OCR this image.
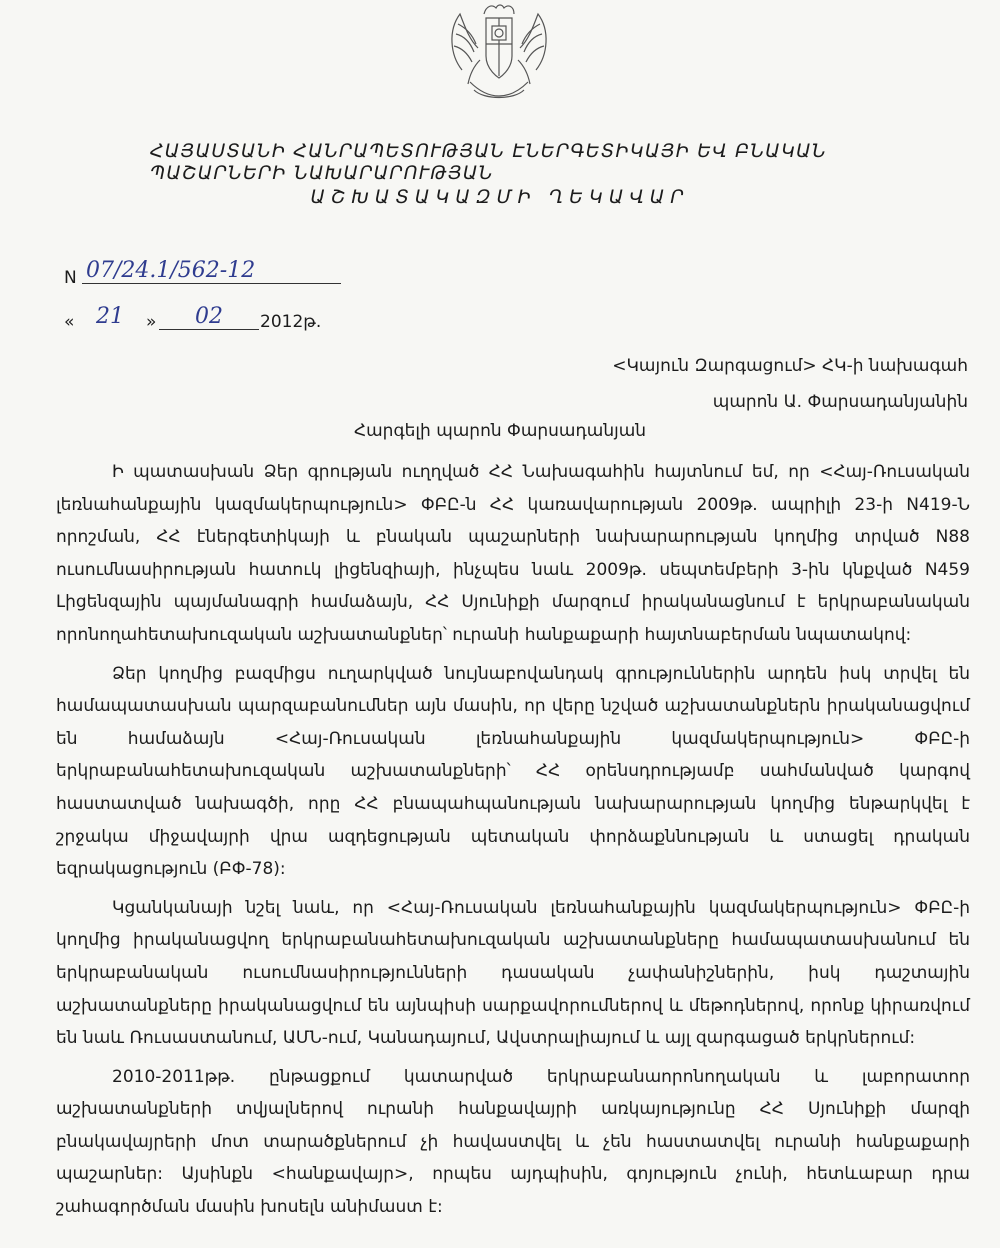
ՀԱՅԱՍՏԱՆԻ ՀԱՆՐԱՊԵՏՈՒԹՅԱՆ ԷՆԵՐԳԵՏԻԿԱՅԻ ԵՎ ԲՆԱԿԱՆ ՊԱՇԱՐՆԵՐԻ ՆԱԽԱՐԱՐՈՒԹՅԱՆ
ԱՇԽԱՏԱԿԱԶՄԻ ՂԵԿԱՎԱՐ
N 07/24.1/562-12
« 21 »	02	2012թ.
<Կայուն Զարգացում> ՀԿ-ի նախագահ
պարոն Ա. Փարսադանյանին
Հարգելի պարոն Փարսադանյան

Ի պատասխան Ձեր գրության ուղղված ՀՀ Նախագահին հայտնում եմ, որ <Հայ-Ռուսական լեռնահանքային կազմակերպություն> ՓԲԸ-ն ՀՀ կառավարության 2009թ. ապրիլի 23-ի N419-Ն որոշման, ՀՀ էներգետիկայի և բնական պաշարների նախարարության կողմից տրված N88 ուսումնասիրության հատուկ լիցենզիայի, ինչպես նաև 2009թ. սեպտեմբերի 3-ին կնքված N459 Լիցենզային պայմանագրի համաձայն, ՀՀ Սյունիքի մարզում իրականացնում է երկրաբանական որոնողահետախուզական աշխատանքներ՝ ուրանի հանքաքարի հայտնաբերման նպատակով:

Ձեր կողմից բազմիցս ուղարկված նույնաբովանդակ գրություններին արդեն իսկ տրվել են համապատասխան պարզաբանումներ այն մասին, որ վերը նշված աշխատանքներն իրականացվում են համաձայն <Հայ-Ռուսական լեռնահանքային կազմակերպություն> ՓԲԸ-ի երկրաբանահետախուզական աշխատանքների՝ ՀՀ օրենսդրությամբ սահմանված կարգով հաստատված նախագծի, որը ՀՀ բնապահպանության նախարարության կողմից ենթարկվել է շրջակա միջավայրի վրա ազդեցության պետական փորձաքննության և ստացել դրական եզրակացություն (ԲՓ-78):

Կցանկանայի նշել նաև, որ <Հայ-Ռուսական լեռնահանքային կազմակերպություն> ՓԲԸ-ի կողմից իրականացվող երկրաբանահետախուզական աշխատանքները համապատասխանում են երկրաբանական ուսումնասիրությունների դասական չափանիշներին, իսկ դաշտային աշխատանքները իրականացվում են այնպիսի սարքավորումներով և մեթոդներով, որոնք կիրառվում են նաև Ռուսաստանում, ԱՄՆ-ում, Կանադայում, Ավստրալիայում և այլ զարգացած երկրներում:

2010-2011թթ. ընթացքում կատարված երկրաբանաորոնողական և լաբորատոր աշխատանքների տվյալներով ուրանի հանքավայրի առկայությունը ՀՀ Սյունիքի մարզի բնակավայրերի մոտ տարածքներում չի հավաստվել և չեն հաստատվել ուրանի հանքաքարի պաշարներ: Այսինքն <հանքավայր>, որպես այդպիսին, գոյություն չունի, հետևաբար դրա շահագործման մասին խոսելն անիմաստ է:
